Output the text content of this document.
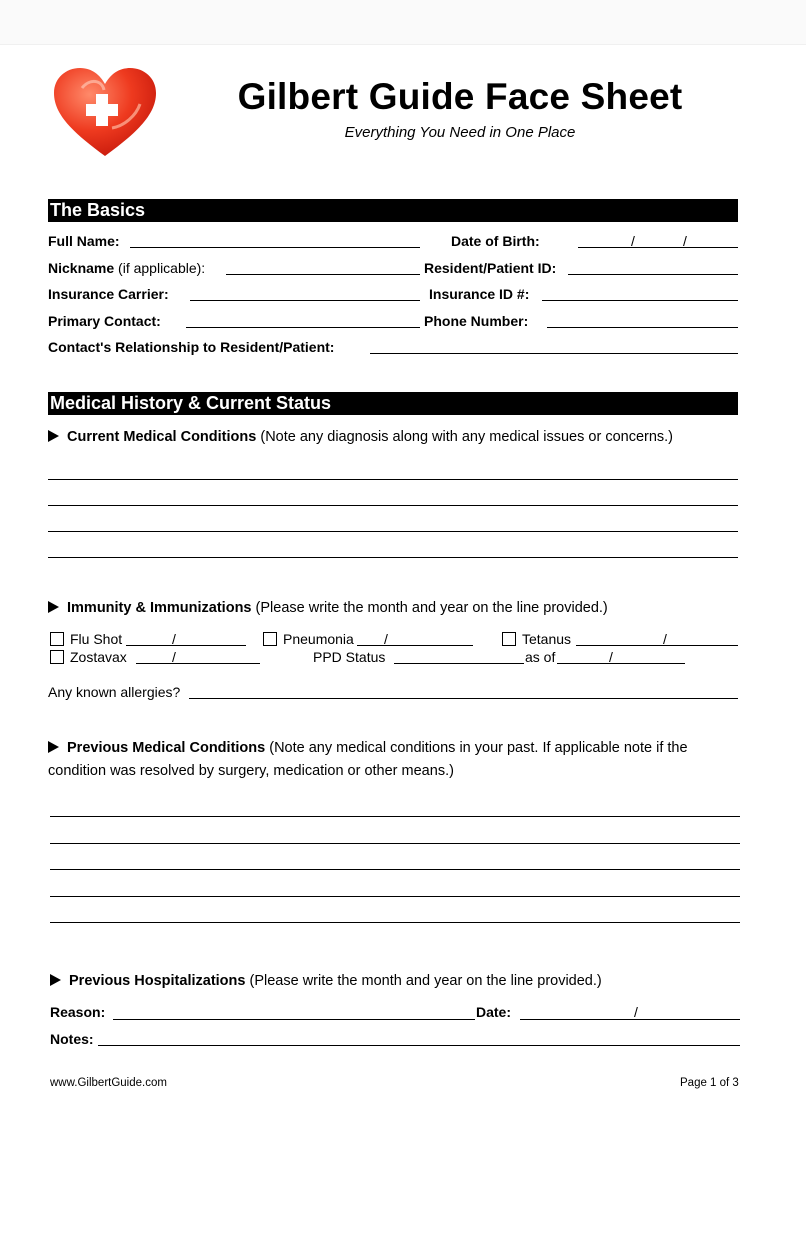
Gilbert Guide Face Sheet
Everything You Need in One Place
The Basics
Full Name:	Date of Birth:	/	/
Nickname (if applicable):	Resident/Patient ID:
Insurance Carrier:	Insurance ID #:
Primary Contact:	Phone Number:
Contact's Relationship to Resident/Patient:
Medical History & Current Status
Current Medical Conditions (Note any diagnosis along with any medical issues or concerns.)
Immunity & Immunizations (Please write the month and year on the line provided.)
Flu Shot	/	Pneumonia /	Tetanus	/
Zostavax	/	PPD Status	as of	/
Any known allergies?
Previous Medical Conditions (Note any medical conditions in your past. If applicable note if the
condition was resolved by surgery, medication or other means.)
Previous Hospitalizations (Please write the month and year on the line provided.)
Reason:	Date:	/
Notes:
www.GilbertGuide.com	Page 1 of 3
